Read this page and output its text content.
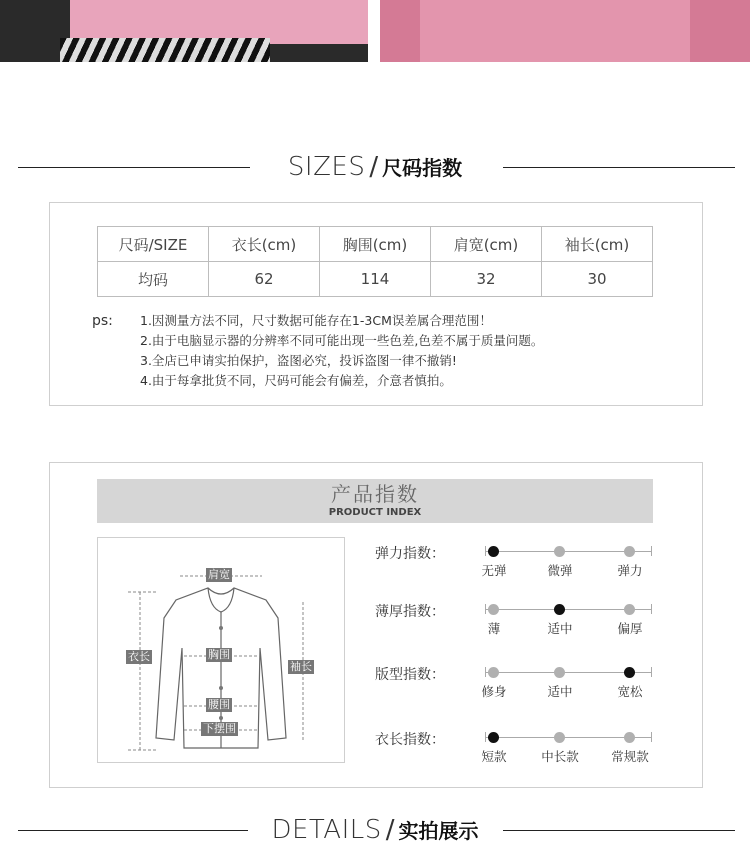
SIZES / 尺码指数
尺码/SIZE	衣长(cm)	胸围(cm)	肩宽(cm)	袖长(cm)
均码	62	114	32	30
ps: 1.因测量方法不同，尺寸数据可能存在1-3CM误差属合理范围！
2.由于电脑显示器的分辨率不同可能出现一些色差,色差不属于质量问题。
3.全店已申请实拍保护，盗图必究，投诉盗图一律不撤销!
4.由于每拿批货不同，尺码可能会有偏差，介意者慎拍。
产品指数
PRODUCT INDEX
肩宽
衣长	胸围
袖长
腰围
下摆围
弹力指数：
无弹	微弹	弹力
薄厚指数：
薄	适中	偏厚
版型指数：
修身	适中	宽松
衣长指数：
短款	中长款	常规款
DETAILS / 实拍展示
